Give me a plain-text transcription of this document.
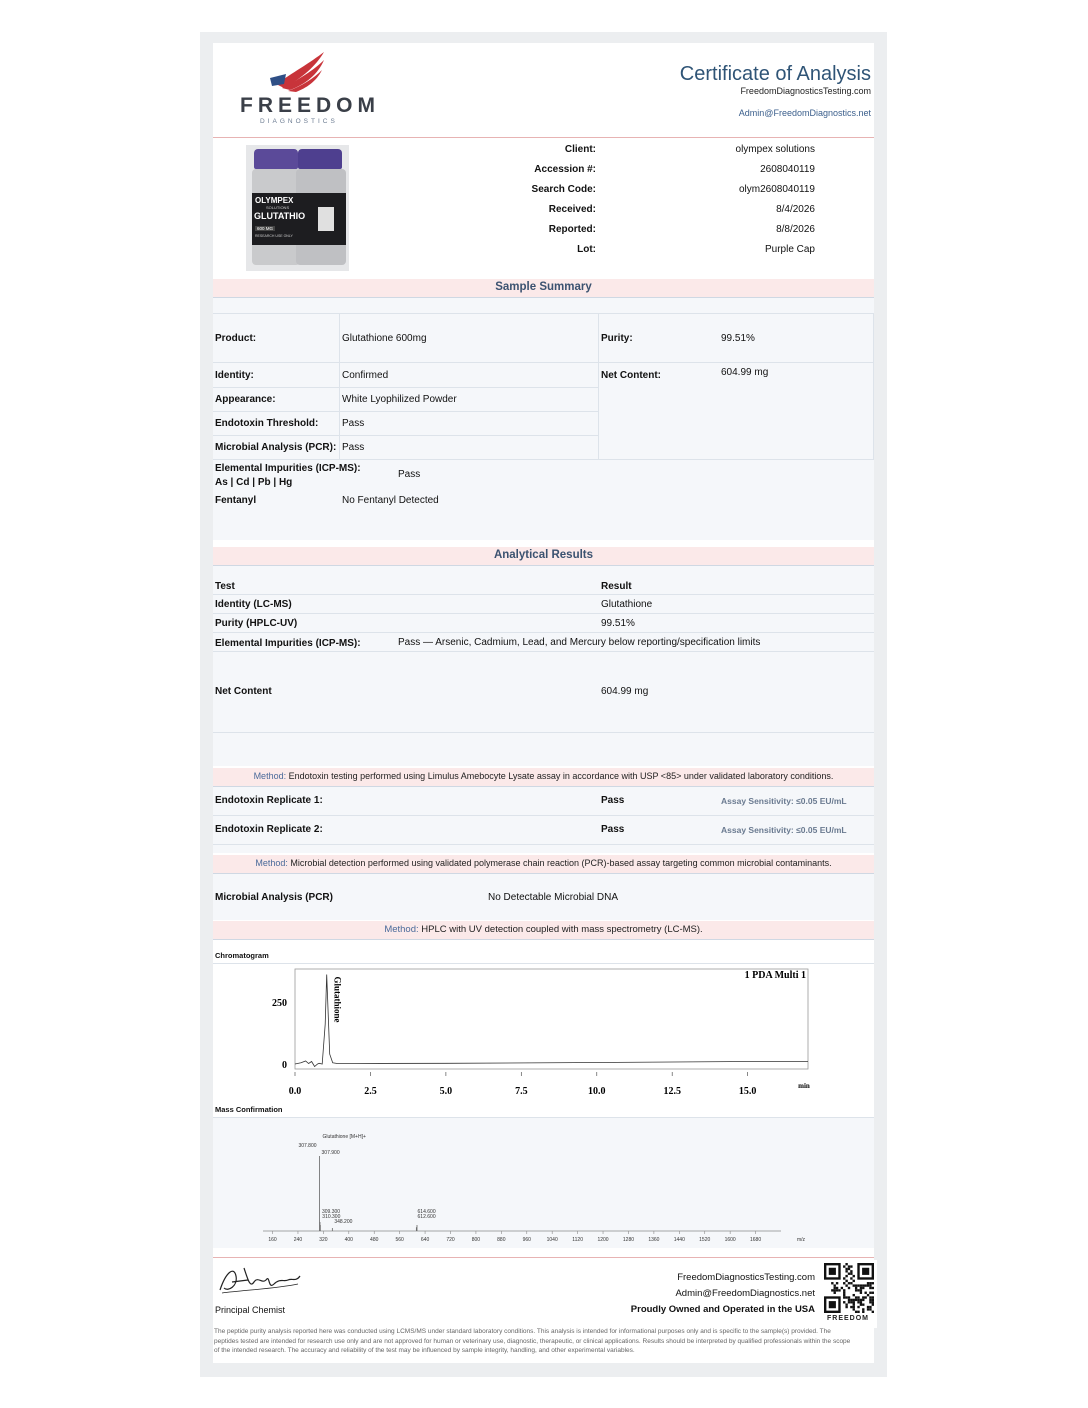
FREEDOM
DIAGNOSTICS
Certificate of Analysis
FreedomDiagnosticsTesting.com
Admin@FreedomDiagnostics.net
OLYMPEX
SOLUTIONS
GLUTATHIO
600 MG
RESEARCH USE ONLY
Client:	olympex solutions
Accession #:	2608040119
Search Code:	olym2608040119
Received:	8/4/2026
Reported:	8/8/2026
Lot:	Purple Cap
Sample Summary
Product:	Glutathione 600mg	Purity:	99.51%
Identity:	Confirmed	Net Content:	604.99 mg
Appearance:	White Lyophilized Powder
Endotoxin Threshold: Pass
Microbial Analysis (PCR): Pass
Elemental Impurities (ICP-MS):
As | Cd | Pb | Hg
Pass
Fentanyl	No Fentanyl Detected
Analytical Results
Test	Result
Identity (LC-MS)	Glutathione
Purity (HPLC-UV)	99.51%
Elemental Impurities (ICP-MS):	Pass — Arsenic, Cadmium, Lead, and Mercury below reporting/specification limits
Net Content	604.99 mg
Method: Endotoxin testing performed using Limulus Amebocyte Lysate assay in accordance with USP <85> under validated laboratory conditions.
Endotoxin Replicate 1:	Pass	Assay Sensitivity: ≤0.05 EU/mL
Endotoxin Replicate 2:	Pass	Assay Sensitivity: ≤0.05 EU/mL
Method: Microbial detection performed using validated polymerase chain reaction (PCR)-based assay targeting common microbial contaminants.
Microbial Analysis (PCR)	No Detectable Microbial DNA
Method: HPLC with UV detection coupled with mass spectrometry (LC-MS).
Chromatogram
0.0	2.5	5.0	7.5	10.0	12.5	15.0
0
250
min
1 PDA Multi 1
Glutathione
Mass Confirmation
160	240	320	400	480	560	640	720	800	880	960	1040	1120	1200	1280	1360	1440	1520	1600	1680	m/z
Glutathione [M+H]+
307.800
307.900
309.300
310.300
348.200
614.600
612.600
Principal Chemist
FreedomDiagnosticsTesting.com
Admin@FreedomDiagnostics.net
Proudly Owned and Operated in the USA
FREEDOM
The peptide purity analysis reported here was conducted using LCMS/MS under standard laboratory conditions. This analysis is intended for informational purposes only and is specific to the sample(s) provided. The peptides tested are intended for research use only and are not approved for human or veterinary use, diagnostic, therapeutic, or clinical applications. Results should be interpreted by qualified professionals within the scope of the intended research. The accuracy and reliability of the test may be influenced by sample integrity, handling, and other experimental variables.
